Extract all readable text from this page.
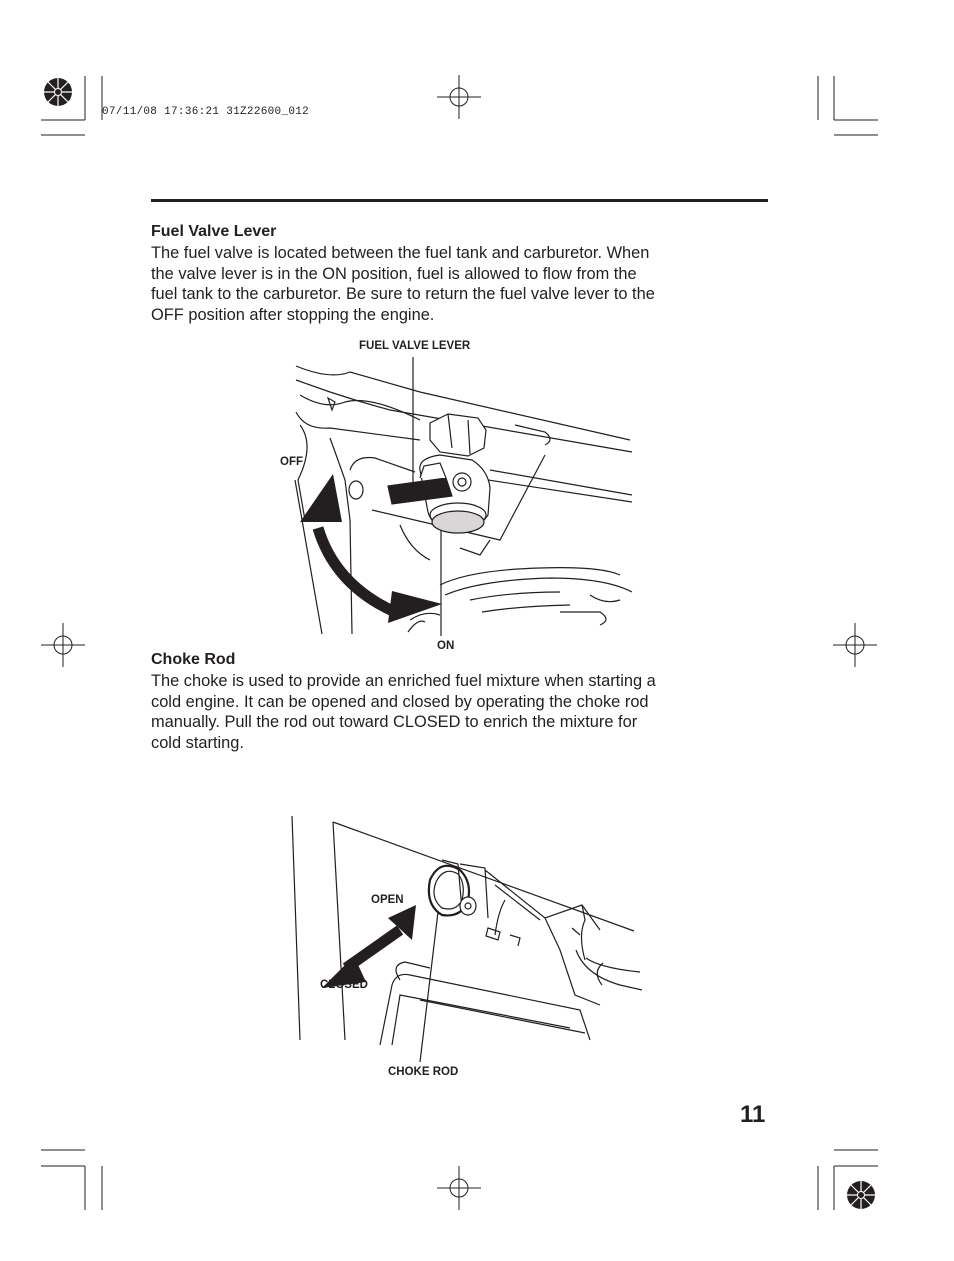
07/11/08 17:36:21 31Z22600_012
Fuel Valve Lever
The fuel valve is located between the fuel tank and carburetor. When
the valve lever is in the ON position, fuel is allowed to flow from the
fuel tank to the carburetor. Be sure to return the fuel valve lever to the
OFF position after stopping the engine.
FUEL VALVE LEVER
OFF
ON
Choke Rod
The choke is used to provide an enriched fuel mixture when starting a
cold engine. It can be opened and closed by operating the choke rod
manually. Pull the rod out toward CLOSED to enrich the mixture for
cold starting.
OPEN
CLOSED
CHOKE ROD
11
